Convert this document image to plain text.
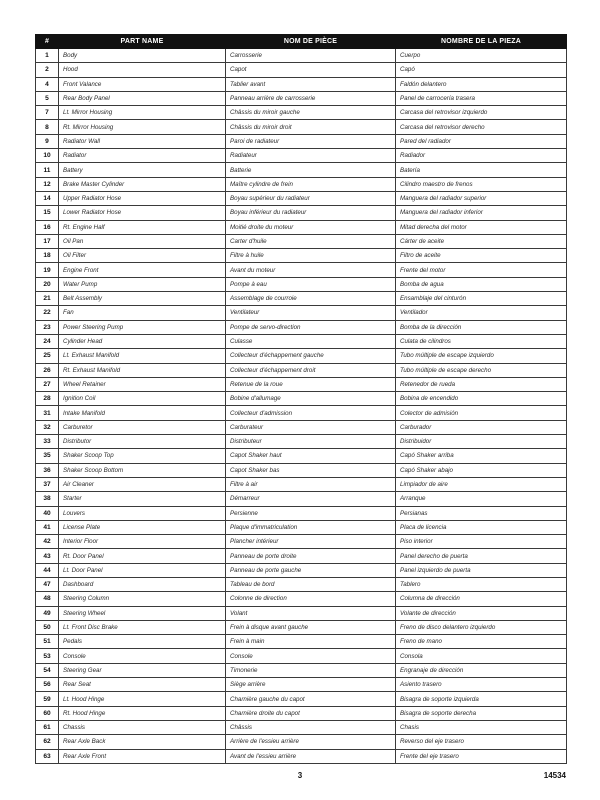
#	PART NAME	NOM DE PIÈCE	NOMBRE DE LA PIEZA
1	Body	Carrosserie	Cuerpo
2	Hood	Capot	Capó
4	Front Valance	Tablier avant	Faldón delantero
5	Rear Body Panel	Panneau arrière de carrosserie	Panel de carrocería trasera
7	Lt. Mirror Housing	Châssis du miroir gauche	Carcasa del retrovisor izquierdo
8	Rt. Mirror Housing	Châssis du miroir droit	Carcasa del retrovisor derecho
9	Radiator Wall	Paroi de radiateur	Pared del radiador
10	Radiator	Radiateur	Radiador
11	Battery	Batterie	Batería
12	Brake Master Cylinder	Maître cylindre de frein	Cilindro maestro de frenos
14	Upper Radiator Hose	Boyau supérieur du radiateur	Manguera del radiador superior
15	Lower Radiator Hose	Boyau inférieur du radiateur	Manguera del radiador inferior
16	Rt. Engine Half	Moitié droite du moteur	Mitad derecha del motor
17	Oil Pan	Carter d'huile	Cárter de aceite
18	Oil Filter	Filtre à huile	Filtro de aceite
19	Engine Front	Avant du moteur	Frente del motor
20	Water Pump	Pompe à eau	Bomba de agua
21	Belt Assembly	Assemblage de courroie	Ensamblaje del cinturón
22	Fan	Ventilateur	Ventilador
23	Power Steering Pump	Pompe de servo-direction	Bomba de la dirección
24	Cylinder Head	Culasse	Culata de cilindros
25	Lt. Exhaust Manifold	Collecteur d'échappement gauche	Tubo múltiple de escape izquierdo
26	Rt. Exhaust Manifold	Collecteur d'échappement droit	Tubo múltiple de escape derecho
27	Wheel Retainer	Retenue de la roue	Retenedor de rueda
28	Ignition Coil	Bobine d'allumage	Bobina de encendido
31	Intake Manifold	Collecteur d'admission	Colector de admisión
32	Carburetor	Carburateur	Carburador
33	Distributor	Distributeur	Distribuidor
35	Shaker Scoop Top	Capot Shaker haut	Capó Shaker arriba
36	Shaker Scoop Bottom	Capot Shaker bas	Capó Shaker abajo
37	Air Cleaner	Filtre à air	Limpiador de aire
38	Starter	Démarreur	Arranque
40	Louvers	Persienne	Persianas
41	License Plate	Plaque d'immatriculation	Placa de licencia
42	Interior Floor	Plancher intérieur	Piso interior
43	Rt. Door Panel	Panneau de porte droite	Panel derecho de puerta
44	Lt. Door Panel	Panneau de porte gauche	Panel izquierdo de puerta
47	Dashboard	Tableau de bord	Tablero
48	Steering Column	Colonne de direction	Columna de dirección
49	Steering Wheel	Volant	Volante de dirección
50	Lt. Front Disc Brake	Frein à disque avant gauche	Freno de disco delantero izquierdo
51	Pedals	Frein à main	Freno de mano
53	Console	Console	Consola
54	Steering Gear	Timonerie	Engranaje de dirección
56	Rear Seat	Siège arrière	Asiento trasero
59	Lt. Hood Hinge	Charnière gauche du capot	Bisagra de soporte izquierda
60	Rt. Hood Hinge	Charnière droite du capot	Bisagra de soporte derecha
61	Chassis	Châssis	Chasis
62	Rear Axle Back	Arrière de l'essieu arrière	Reverso del eje trasero
63	Rear Axle Front	Avant de l'essieu arrière	Frente del eje trasero
3	14534
